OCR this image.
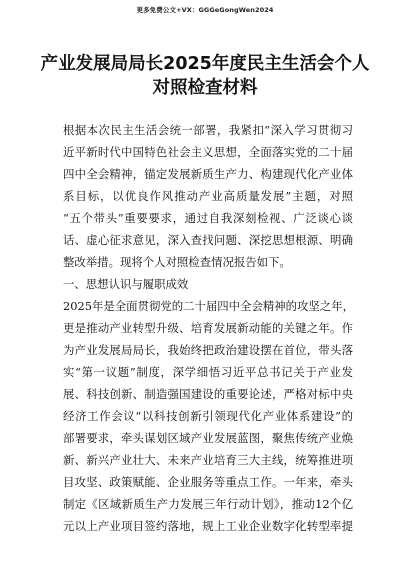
更多免费公文+VX：GGGeGongWen2024
产业发展局局长2025年度民主生活会个人
对照检查材料
根据本次民主生活会统一部署，我紧扣“深入学习贯彻习
近平新时代中国特色社会主义思想，全面落实党的二十届
四中全会精神，锚定发展新质生产力、构建现代化产业体
系目标，以优良作风推动产业高质量发展”主题，对照
“五个带头”重要要求，通过自我深刻检视、广泛谈心谈
话、虚心征求意见，深入查找问题、深挖思想根源、明确
整改举措。现将个人对照检查情况报告如下。
一、思想认识与履职成效
2025年是全面贯彻党的二十届四中全会精神的攻坚之年，
更是推动产业转型升级、培育发展新动能的关键之年。作
为产业发展局局长，我始终把政治建设摆在首位，带头落
实“第一议题”制度，深学细悟习近平总书记关于产业发
展、科技创新、制造强国建设的重要论述，严格对标中央
经济工作会议“以科技创新引领现代化产业体系建设”的
部署要求，牵头谋划区域产业发展蓝图，聚焦传统产业焕
新、新兴产业壮大、未来产业培育三大主线，统筹推进项
目攻坚、政策赋能、企业服务等重点工作。一年来，牵头
制定《区域新质生产力发展三年行动计划》，推动12个亿
元以上产业项目签约落地，规上工业企业数字化转型率提
